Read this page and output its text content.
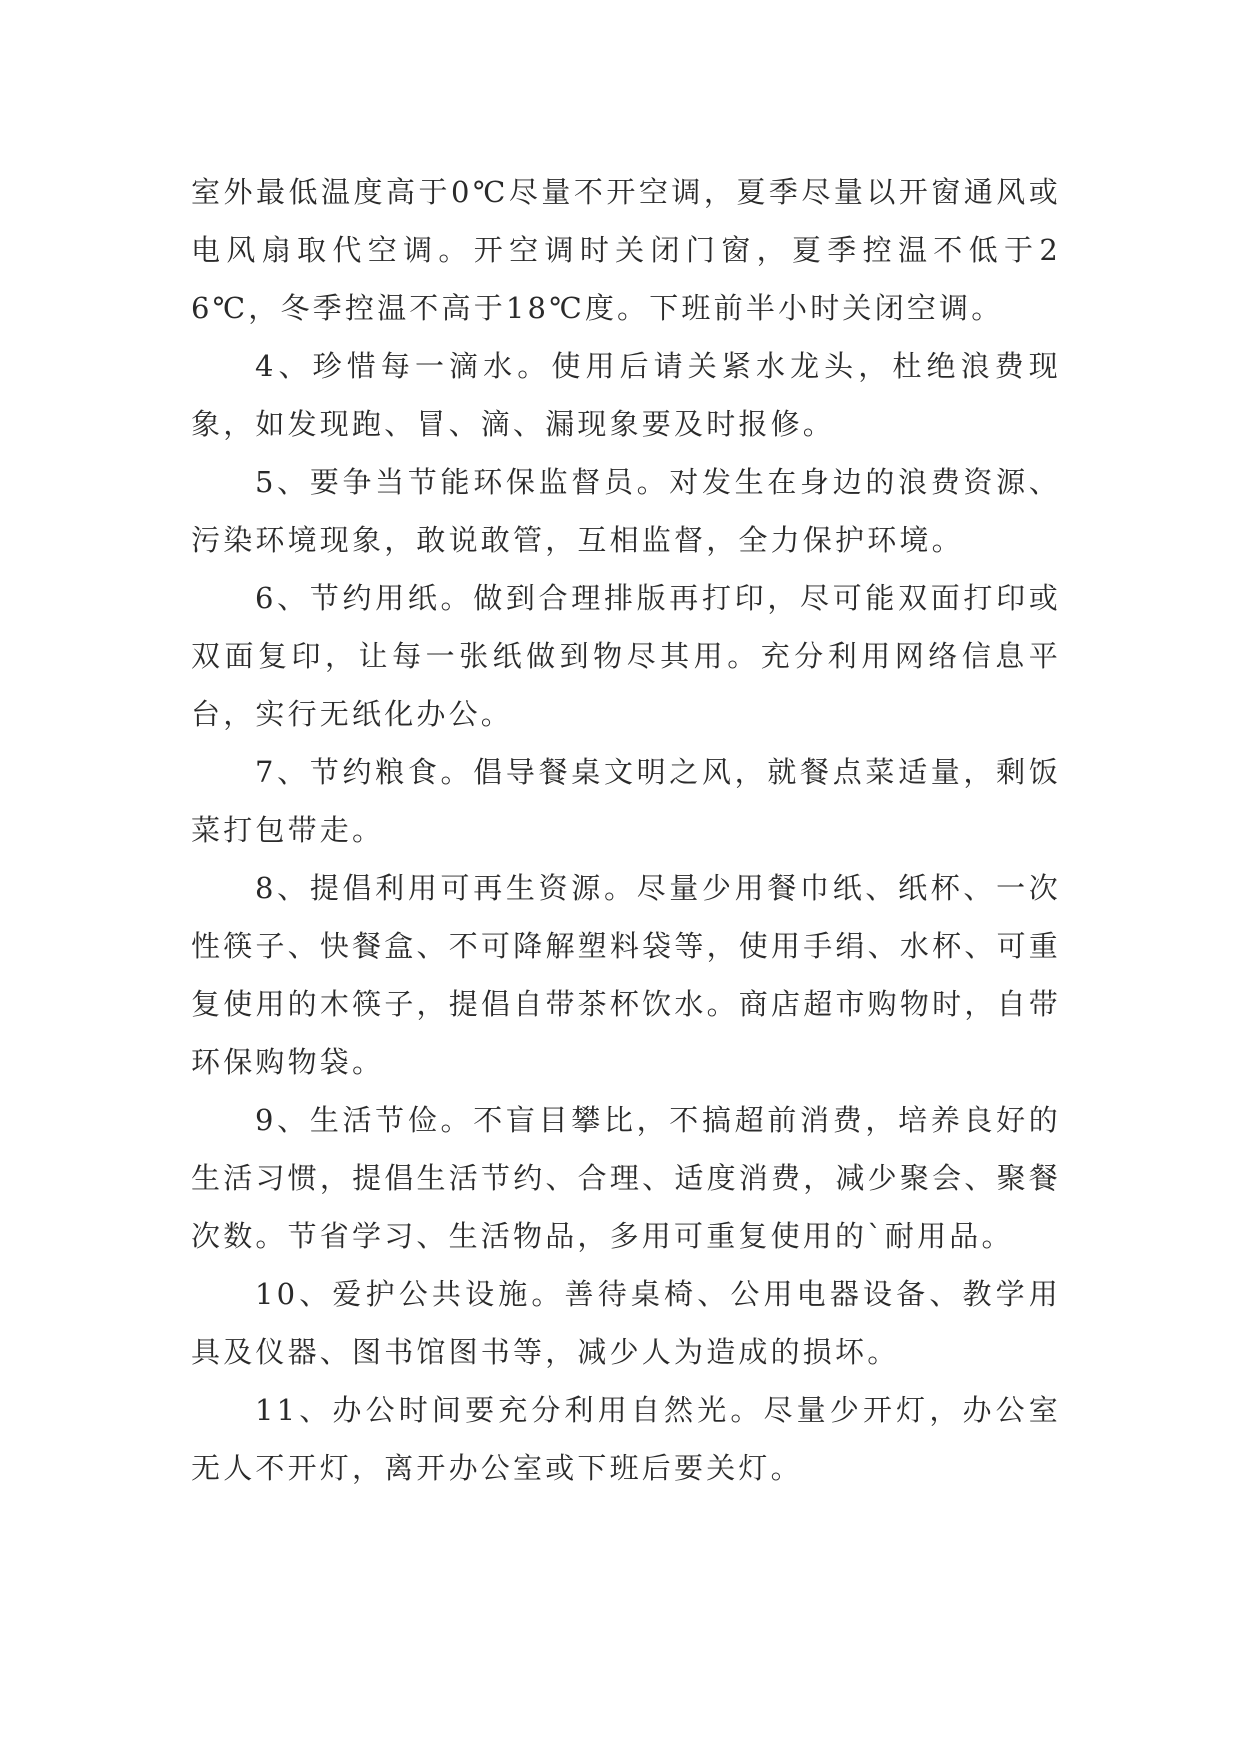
室外最低温度高于0℃尽量不开空调，夏季尽量以开窗通风或电风扇取代空调。开空调时关闭门窗，夏季控温不低于26℃，冬季控温不高于18℃度。下班前半小时关闭空调。

4、珍惜每一滴水。使用后请关紧水龙头，杜绝浪费现象，如发现跑、冒、滴、漏现象要及时报修。

5、要争当节能环保监督员。对发生在身边的浪费资源、污染环境现象，敢说敢管，互相监督，全力保护环境。

6、节约用纸。做到合理排版再打印，尽可能双面打印或双面复印，让每一张纸做到物尽其用。充分利用网络信息平台，实行无纸化办公。

7、节约粮食。倡导餐桌文明之风，就餐点菜适量，剩饭菜打包带走。

8、提倡利用可再生资源。尽量少用餐巾纸、纸杯、一次性筷子、快餐盒、不可降解塑料袋等，使用手绢、水杯、可重复使用的木筷子，提倡自带茶杯饮水。商店超市购物时，自带环保购物袋。

9、生活节俭。不盲目攀比，不搞超前消费，培养良好的生活习惯，提倡生活节约、合理、适度消费，减少聚会、聚餐次数。节省学习、生活物品，多用可重复使用的`耐用品。

10、爱护公共设施。善待桌椅、公用电器设备、教学用具及仪器、图书馆图书等，减少人为造成的损坏。

11、办公时间要充分利用自然光。尽量少开灯，办公室无人不开灯，离开办公室或下班后要关灯。
